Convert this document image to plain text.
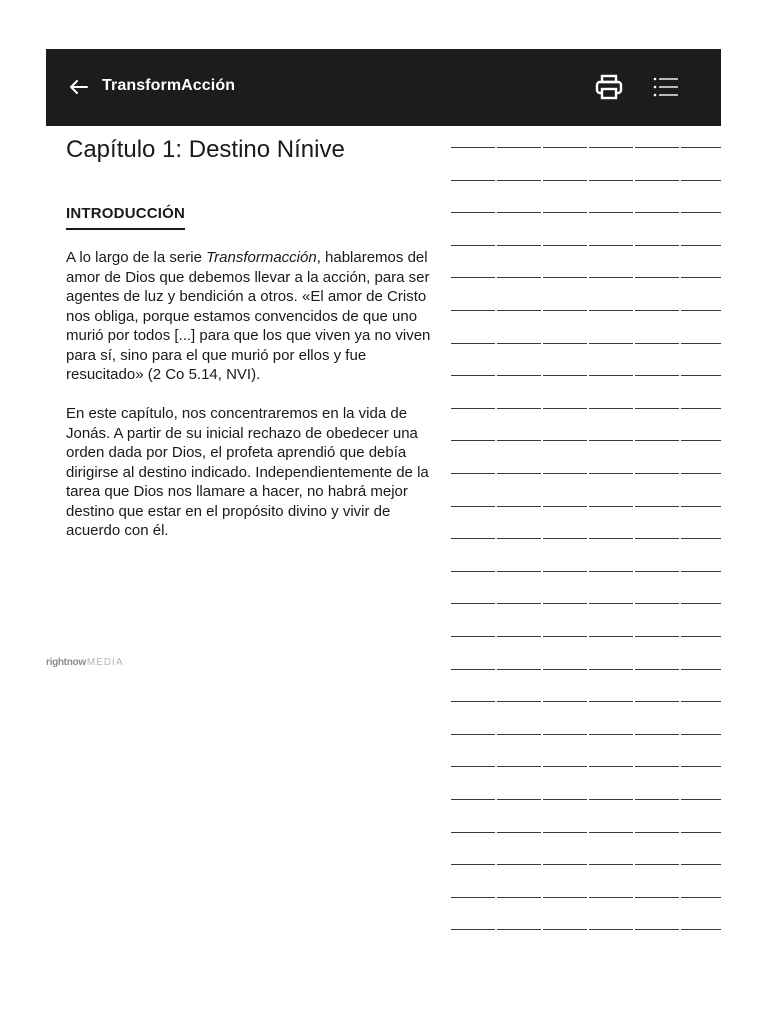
TransformAcción
Capítulo 1: Destino Nínive
INTRODUCCIÓN

A lo largo de la serie Transformacción, hablaremos del amor de Dios que debemos llevar a la acción, para ser agentes de luz y bendición a otros. «El amor de Cristo nos obliga, porque estamos convencidos de que uno murió por todos [...] para que los que viven ya no viven para sí, sino para el que murió por ellos y fue resucitado» (2 Co 5.14, NVI).

En este capítulo, nos concentraremos en la vida de Jonás. A partir de su inicial rechazo de obedecer una orden dada por Dios, el profeta aprendió que debía dirigirse al destino indicado. Independientemente de la tarea que Dios nos llamare a hacer, no habrá mejor destino que estar en el propósito divino y vivir de acuerdo con él.

rightnowMEDIA
